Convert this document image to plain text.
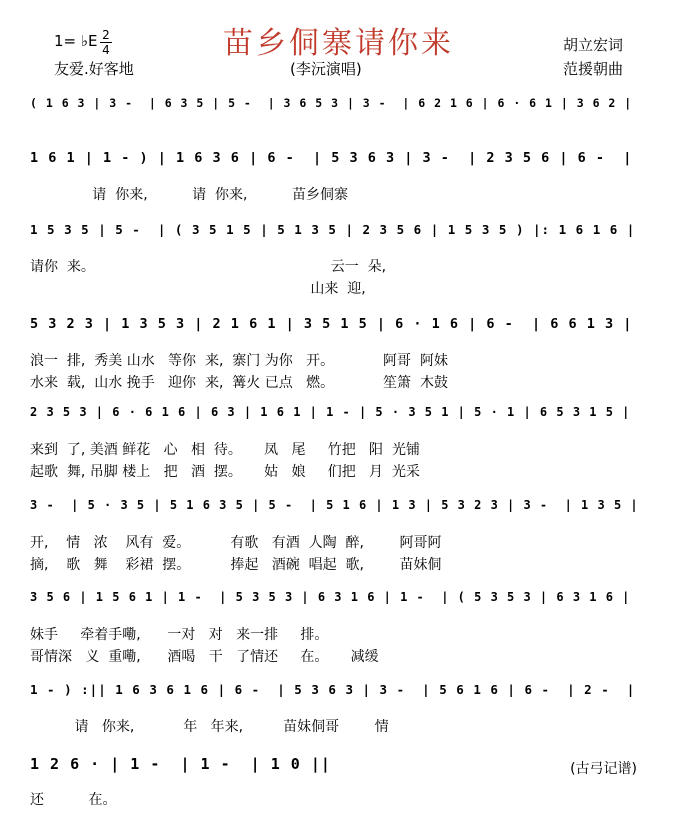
苗乡侗寨请你来
1= ♭E 2
4
友爱.好客地	(李沅演唱)
胡立宏词
范援朝曲
( 1 6 3 | 3 -  | 6 3 5 | 5 -  | 3 6 5 3 | 3 -  | 6 2 1 6 | 6 · 6 1 | 3 6 2 |
1 6 1 | 1 - ) | 1 6 3 6 | 6 -  | 5 3 6 3 | 3 -  | 2 3 5 6 | 6 -  |
请  你来,          请  你来,          苗乡侗寨
1 5 3 5 | 5 -  | ( 3 5 1 5 | 5 1 3 5 | 2 3 5 6 | 1 5 3 5 ) |: 1 6 1 6 |
请你  来。                                                     云一  朵,
山来  迎,
5 3 2 3 | 1 3 5 3 | 2 1 6 1 | 3 5 1 5 | 6 · 1 6 | 6 -  | 6 6 1 3 |
浪一  排,  秀美 山水   等你  来,  寨门 为你   开。           阿哥  阿妹
水来  载,  山水 挽手   迎你  来,  篝火 已点   燃。           笙箫  木鼓
2 3 5 3 | 6 · 6 1 6 | 6 3 | 1 6 1 | 1 - | 5 · 3 5 1 | 5 · 1 | 6 5 3 1 5 |
来到  了, 美酒 鲜花   心   相  待。     凤   尾     竹把   阳  光铺
起歌  舞, 吊脚 楼上   把   酒  摆。     姑   娘     们把   月  光采
3 -  | 5 · 3 5 | 5 1 6 3 5 | 5 -  | 5 1 6 | 1 3 | 5 3 2 3 | 3 -  | 1 3 5 |
开,    情   浓    风有  爱。         有歌   有酒  人陶  醉,        阿哥阿
摘,    歌   舞    彩裙  摆。         捧起   酒碗  唱起  歌,        苗妹侗
3 5 6 | 1 5 6 1 | 1 -  | 5 3 5 3 | 6 3 1 6 | 1 -  | ( 5 3 5 3 | 6 3 1 6 |
妹手     牵着手嘞,      一对   对   来一排     排。
哥情深   义  重嘞,      酒喝   干   了情还     在。     减缓
1 - ) :|| 1 6 3 6 1 6 | 6 -  | 5 3 6 3 | 3 -  | 5 6 1 6 | 6 -  | 2 -  |
请   你来,           年   年来,         苗妹侗哥        情
1 2 6 · | 1 -  | 1 -  | 1 0 ||
还          在。
(古弓记谱)
